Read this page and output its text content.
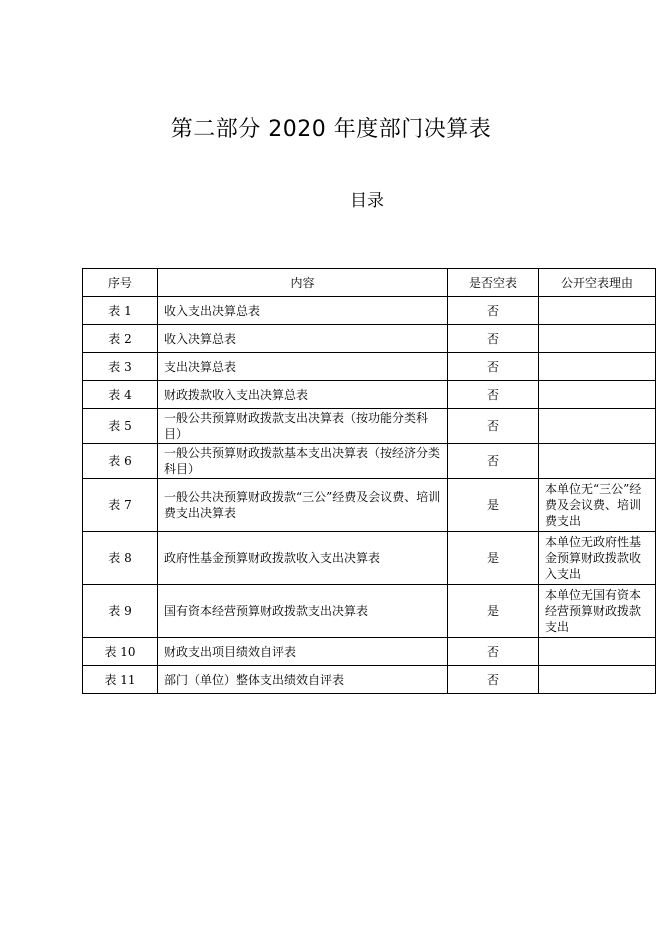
第二部分 2020 年度部门决算表
目录
序号	内容	是否空表	公开空表理由
表 1	收入支出决算总表	否	
表 2	收入决算总表	否	
表 3	支出决算总表	否	
表 4	财政拨款收入支出决算总表	否	
表 5	一般公共预算财政拨款支出决算表（按功能分类科目）	否	
表 6	一般公共预算财政拨款基本支出决算表（按经济分类科目）	否	
表 7	一般公共决预算财政拨款“三公”经费及会议费、培训费支出决算表	是	本单位无“三公”经费及会议费、培训费支出
表 8	政府性基金预算财政拨款收入支出决算表	是	本单位无政府性基金预算财政拨款收入支出
表 9	国有资本经营预算财政拨款支出决算表	是	本单位无国有资本经营预算财政拨款支出
表 10	财政支出项目绩效自评表	否	
表 11	部门（单位）整体支出绩效自评表	否	
